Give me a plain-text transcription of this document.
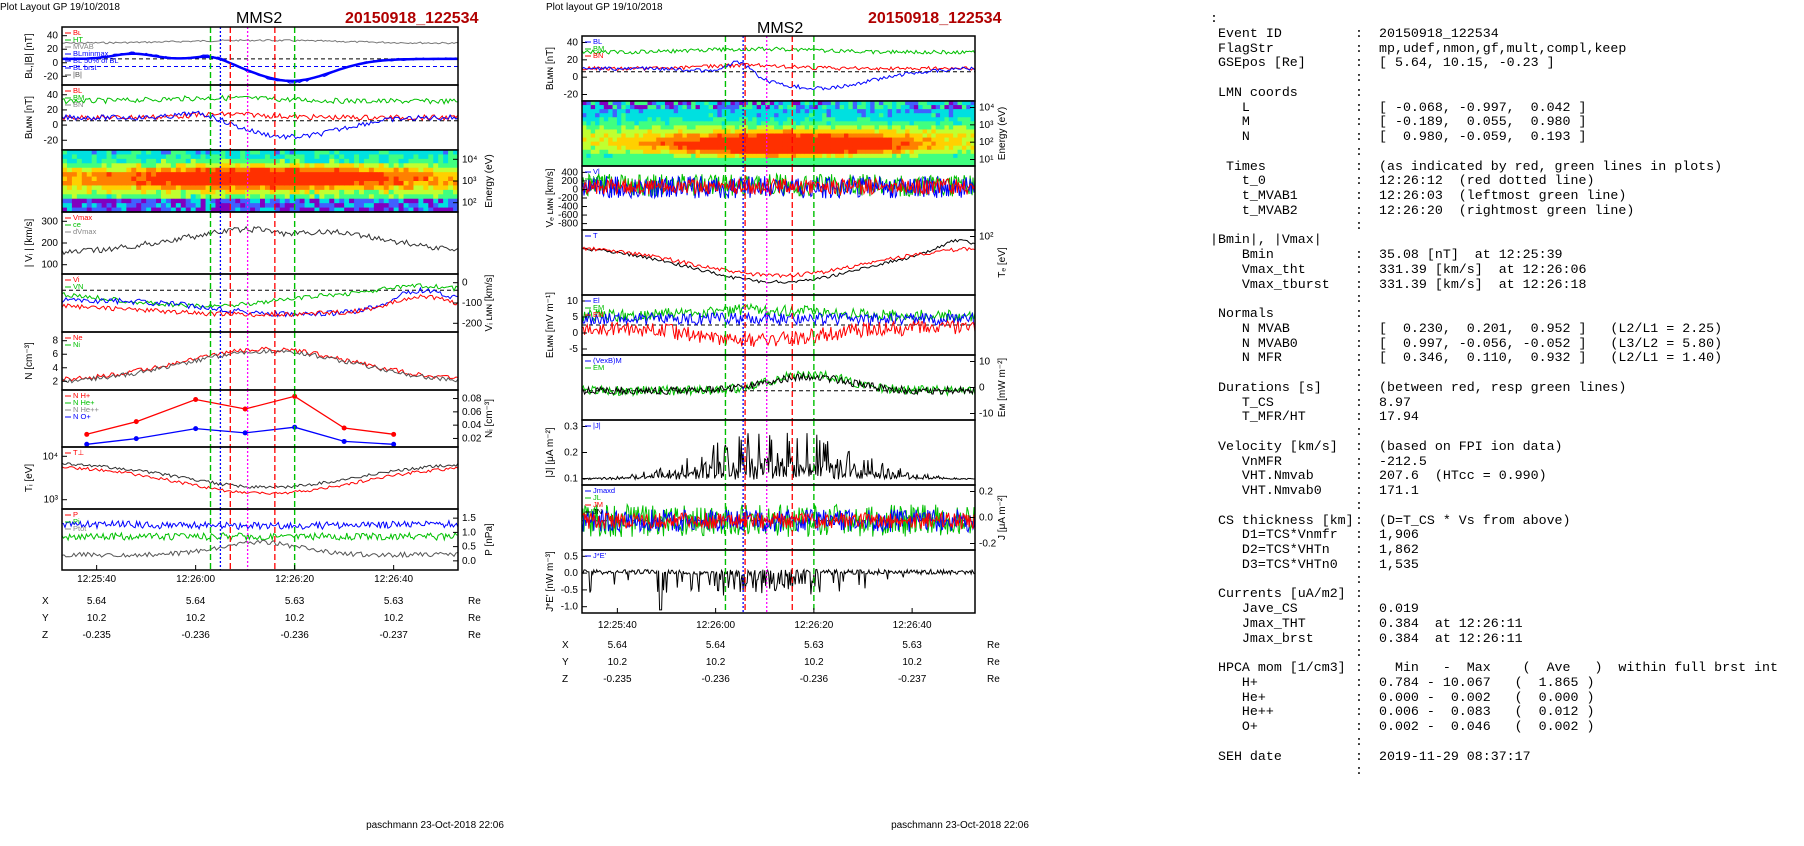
Plot Layout GP 19/10/2018
MMS2	20150918_122534
40
20
0
-20
Bʟ,|B| [nT]
Bʟ
HT
MVAB
BLminmax
BL 50% of BL
BL brst
|B|
40
20
0
-20
Bʟᴍɴ [nT]
BL
BM
BN
10⁴
10³
10² Energy (eV)
300
200
100
| Vᵢ | [km/s]
Vmax
ce
dVmax
0
-100
-200 Vᵢ ʟᴍɴ [km/s]
Vi
VN
8
6
4
2
N [cm⁻³]
Ne
Ni
0.08
0.06
0.04
0.02
Nᵢ [cm⁻³]
N H+
N He+
N He++
N O+
10⁴
10³
Tᵢ [eV]
T⊥
1.5
1.0
0.5
0.0
P [nPa]
P
Pi
Ptot
12:25:40	12:26:00	12:26:20	12:26:40
X	5.64	5.64	5.63	5.63	Re
Y	10.2	10.2	10.2	10.2	Re
Z	-0.235	-0.236	-0.236	-0.237	Re
paschmann 23-Oct-2018 22:06
Plot layout GP 19/10/2018
MMS2
20150918_122534
40
20
0
-20
Bʟᴍɴ [nT]
BL
BM
BN
10⁴
10³
10²
10¹ Energy (eV)
400
200
0
-200
-400
-600
-800
Vₑ ʟᴍɴ [km/s]	Vl
VN
10²
Tₑ [eV]
T
10
5
0
-5
Eʟᴍɴ [mV m⁻¹]	El
EM
EN
10
0
-10 Eᴍ [mW m⁻²]
(VexB)M
EM
0.3
0.2
0.1
|J| [μA m⁻²]
|J|
0.2
0.0
-0.2
J [μA m⁻²]
Jmaxd
JL
JM
JN
0.5
0.0
-0.5
-1.0
J*E' [nW m⁻³]	J*E'
12:25:40	12:26:00	12:26:20	12:26:40
X	5.64	5.64	5.63	5.63	Re
Y	10.2	10.2	10.2	10.2	Re
Z	-0.235	-0.236	-0.236	-0.237	Re
paschmann 23-Oct-2018 22:06
:
Event ID	: 20150918_122534
FlagStr	: mp,udef,nmon,gf,mult,compl,keep
GSEpos [Re]	: [ 5.64, 10.15, -0.23 ]
:
LMN coords	:
L	: [ -0.068, -0.997,  0.042 ]
M	: [ -0.189,  0.055,  0.980 ]
N	: [  0.980, -0.059,  0.193 ]
:
Times	: (as indicated by red, green lines in plots)
t_0	: 12:26:12  (red dotted line)
t_MVAB1	: 12:26:03  (leftmost green line)
t_MVAB2	: 12:26:20  (rightmost green line)
:
|Bmin|, |Vmax|
Bmin	: 35.08 [nT]  at 12:25:39
Vmax_tht	: 331.39 [km/s]  at 12:26:06
Vmax_tburst : 331.39 [km/s]  at 12:26:18
:
Normals	:
N MVAB	: [  0.230,  0.201,  0.952 ]   (L2/L1 = 2.25)
N MVAB0	: [  0.997, -0.056, -0.052 ]   (L3/L2 = 5.80)
N MFR	: [  0.346,  0.110,  0.932 ]   (L2/L1 = 1.40)
:
Durations [s]	: (between red, resp green lines)
T_CS	: 8.97
T_MFR/HT	: 17.94
:
Velocity [km/s] : (based on FPI ion data)
VnMFR	: -212.5
VHT.Nmvab	: 207.6  (HTcc = 0.990)
VHT.Nmvab0	: 171.1
:
CS thickness [km]: (D=T_CS * Vs from above)
D1=TCS*Vnmfr : 1,906
D2=TCS*VHTn : 1,862
D3=TCS*VHTn0 : 1,535
:
Currents [uA/m2] :
Jave_CS	: 0.019
Jmax_THT	: 0.384  at 12:26:11
Jmax_brst	: 0.384  at 12:26:11
:
HPCA mom [1/cm3] :  Min   -  Max    (  Ave   )  within full brst int
H+	: 0.784 - 10.067   (  1.865 )
He+	: 0.000 -  0.002   (  0.000 )
He++	: 0.006 -  0.083   (  0.012 )
O+	: 0.002 -  0.046   (  0.002 )
:
SEH date	: 2019-11-29 08:37:17
:
